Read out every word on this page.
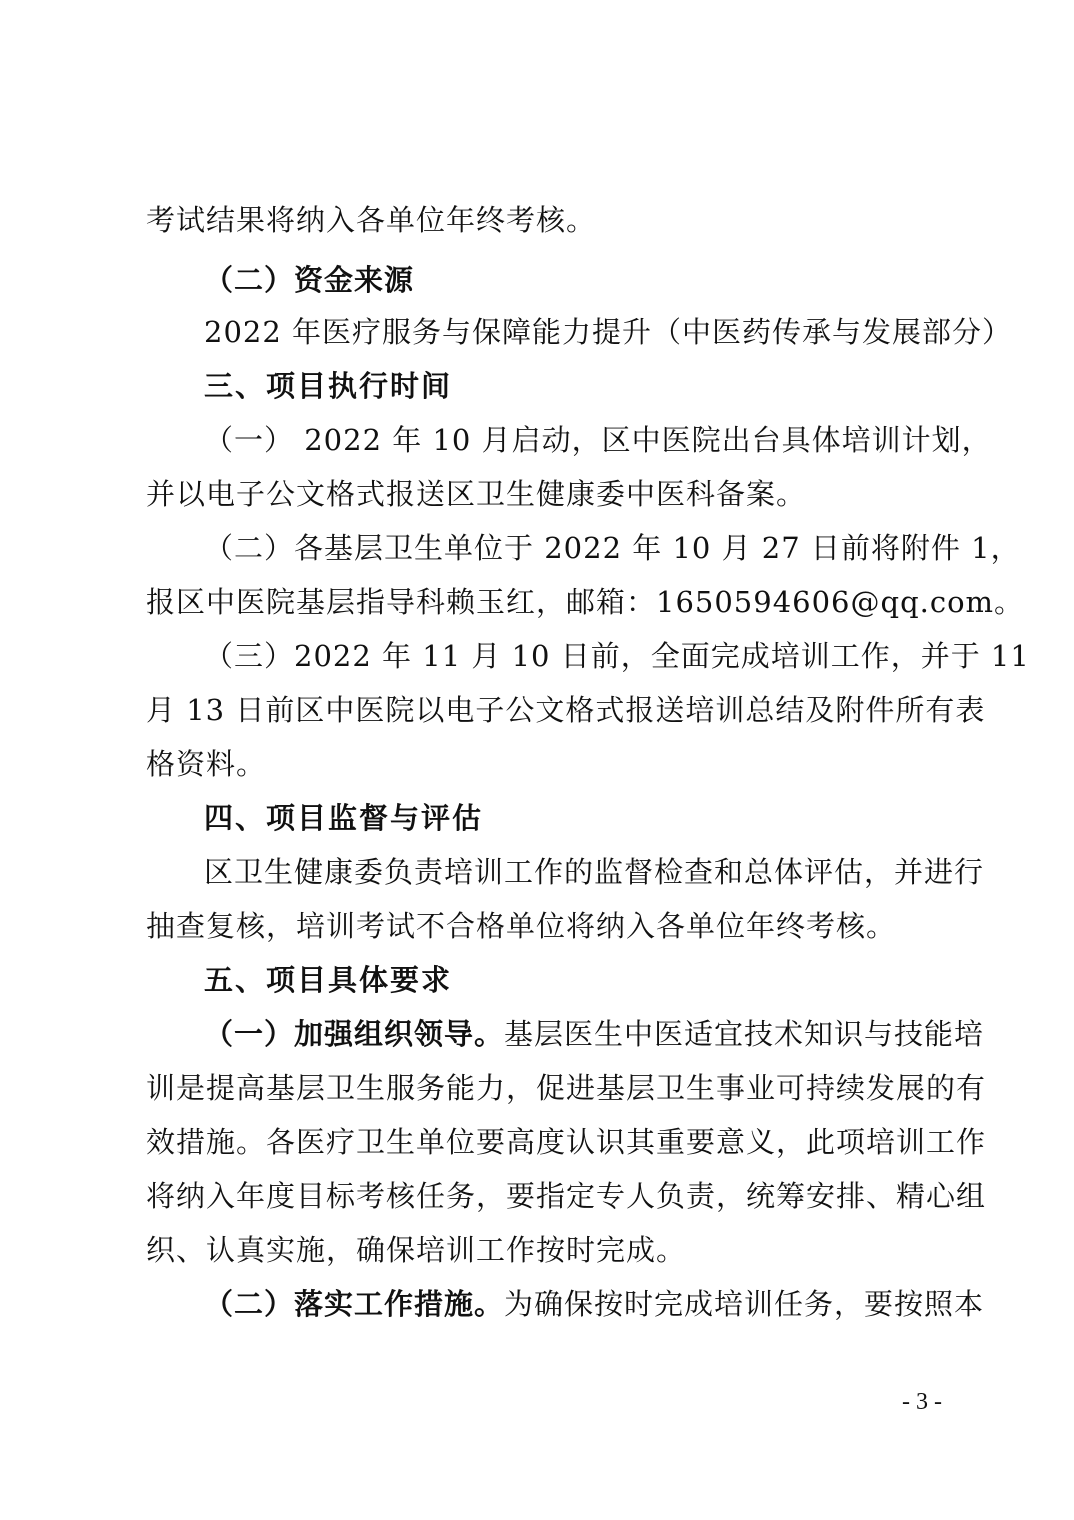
考试结果将纳入各单位年终考核。
（二）资金来源
2022 年医疗服务与保障能力提升（中医药传承与发展部分）
三、项目执行时间
（一） 2022 年 10 月启动，区中医院出台具体培训计划，
并以电子公文格式报送区卫生健康委中医科备案。
（二）各基层卫生单位于 2022 年 10 月 27 日前将附件 1，
报区中医院基层指导科赖玉红，邮箱：1650594606@qq.com。
（三）2022 年 11 月 10 日前，全面完成培训工作，并于 11
月 13 日前区中医院以电子公文格式报送培训总结及附件所有表
格资料。
四、项目监督与评估
区卫生健康委负责培训工作的监督检查和总体评估，并进行
抽查复核，培训考试不合格单位将纳入各单位年终考核。
五、项目具体要求
（一）加强组织领导。基层医生中医适宜技术知识与技能培
训是提高基层卫生服务能力，促进基层卫生事业可持续发展的有
效措施。各医疗卫生单位要高度认识其重要意义，此项培训工作
将纳入年度目标考核任务，要指定专人负责，统筹安排、精心组
织、认真实施，确保培训工作按时完成。
（二）落实工作措施。为确保按时完成培训任务，要按照本
- 3 -
